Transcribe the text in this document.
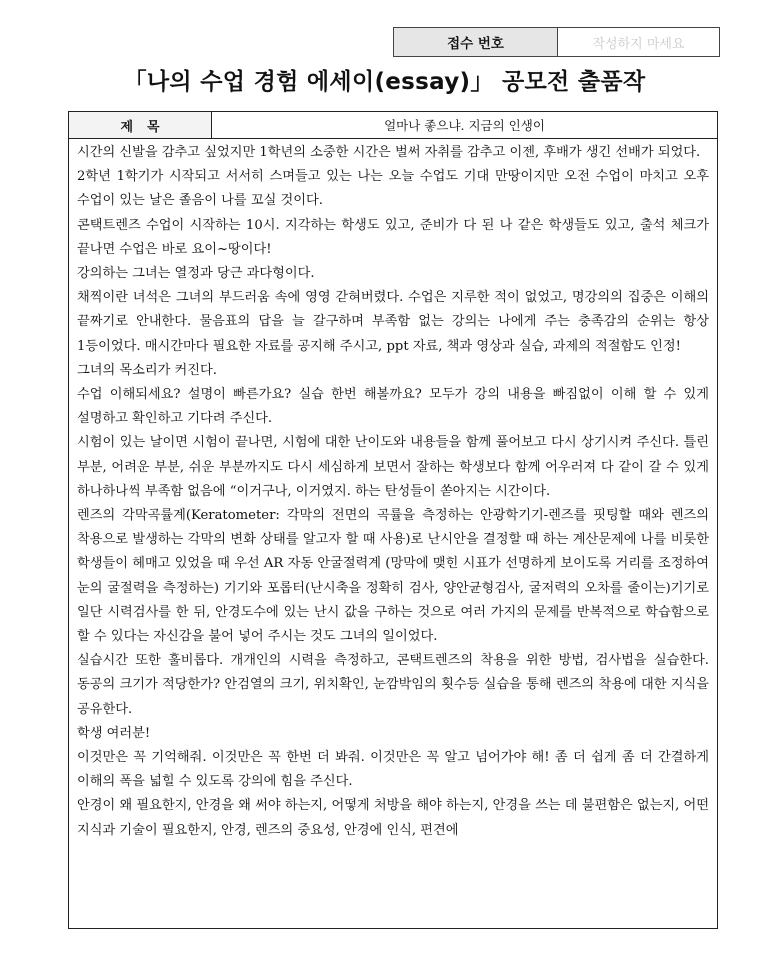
접수 번호	작성하지 마세요
「나의 수업 경험 에세이(essay)」 공모전 출품작
제목	얼마나 좋으냐. 지금의 인생이

시간의 신발을 감추고 싶었지만 1학년의 소중한 시간은 벌써 자취를 감추고 이젠, 후배가 생긴 선배가 되었다.

2학년 1학기가 시작되고 서서히 스며들고 있는 나는 오늘 수업도 기대 만땅이지만 오전 수업이 마치고 오후 수업이 있는 날은 졸음이 나를 꼬실 것이다.

콘택트렌즈 수업이 시작하는 10시. 지각하는 학생도 있고, 준비가 다 된 나 같은 학생들도 있고, 출석 체크가 끝나면 수업은 바로 요이~땅이다!

강의하는 그녀는 열정과 당근 과다형이다.

채찍이란 녀석은 그녀의 부드러움 속에 영영 갇혀버렸다. 수업은 지루한 적이 없었고, 명강의의 집중은 이해의 끝짜기로 안내한다. 물음표의 답을 늘 갈구하며 부족함 없는 강의는 나에게 주는 충족감의 순위는 항상 1등이었다. 매시간마다 필요한 자료를 공지해 주시고, ppt 자료, 책과 영상과 실습, 과제의 적절함도 인정!

그녀의 목소리가 커진다.

수업 이해되세요? 설명이 빠른가요? 실습 한번 해볼까요? 모두가 강의 내용을 빠짐없이 이해 할 수 있게 설명하고 확인하고 기다려 주신다.

시험이 있는 날이면 시험이 끝나면, 시험에 대한 난이도와 내용들을 함께 풀어보고 다시 상기시켜 주신다. 틀린 부분, 어려운 부분, 쉬운 부분까지도 다시 세심하게 보면서 잘하는 학생보다 함께 어우러져 다 같이 갈 수 있게 하나하나씩 부족함 없음에 “이거구나, 이거였지. 하는 탄성들이 쏟아지는 시간이다.

렌즈의 각막곡률계(Keratometer: 각막의 전면의 곡률을 측정하는 안광학기기-렌즈를 핏팅할 때와 렌즈의 착용으로 발생하는 각막의 변화 상태를 알고자 할 때 사용)로 난시안을 결정할 때 하는 계산문제에 나를 비롯한 학생들이 헤매고 있었을 때 우선 AR 자동 안굴절력계 (망막에 맺힌 시표가 선명하게 보이도록 거리를 조정하여 눈의 굴절력을 측정하는) 기기와 포롭터(난시축을 정확히 검사, 양안균형검사, 굴저력의 오차를 줄이는)기기로 일단 시력검사를 한 뒤, 안경도수에 있는 난시 값을 구하는 것으로 여러 가지의 문제를 반복적으로 학습함으로 할 수 있다는 자신감을 불어 넣어 주시는 것도 그녀의 일이었다.

실습시간 또한 훌비롭다. 개개인의 시력을 측정하고, 콘택트렌즈의 착용을 위한 방법, 검사법을 실습한다. 동공의 크기가 적당한가? 안검열의 크기, 위치확인, 눈깜박임의 횟수등 실습을 통해 렌즈의 착용에 대한 지식을 공유한다.

학생 여러분!

이것만은 꼭 기억해줘. 이것만은 꼭 한번 더 봐줘. 이것만은 꼭 알고 넘어가야 해! 좀 더 쉽게 좀 더 간결하게 이해의 폭을 넓힐 수 있도록 강의에 힘을 주신다.

안경이 왜 필요한지, 안경을 왜 써야 하는지, 어떻게 처방을 해야 하는지, 안경을 쓰는 데 불편함은 없는지, 어떤 지식과 기술이 필요한지, 안경, 렌즈의 중요성, 안경에 인식, 편견에
